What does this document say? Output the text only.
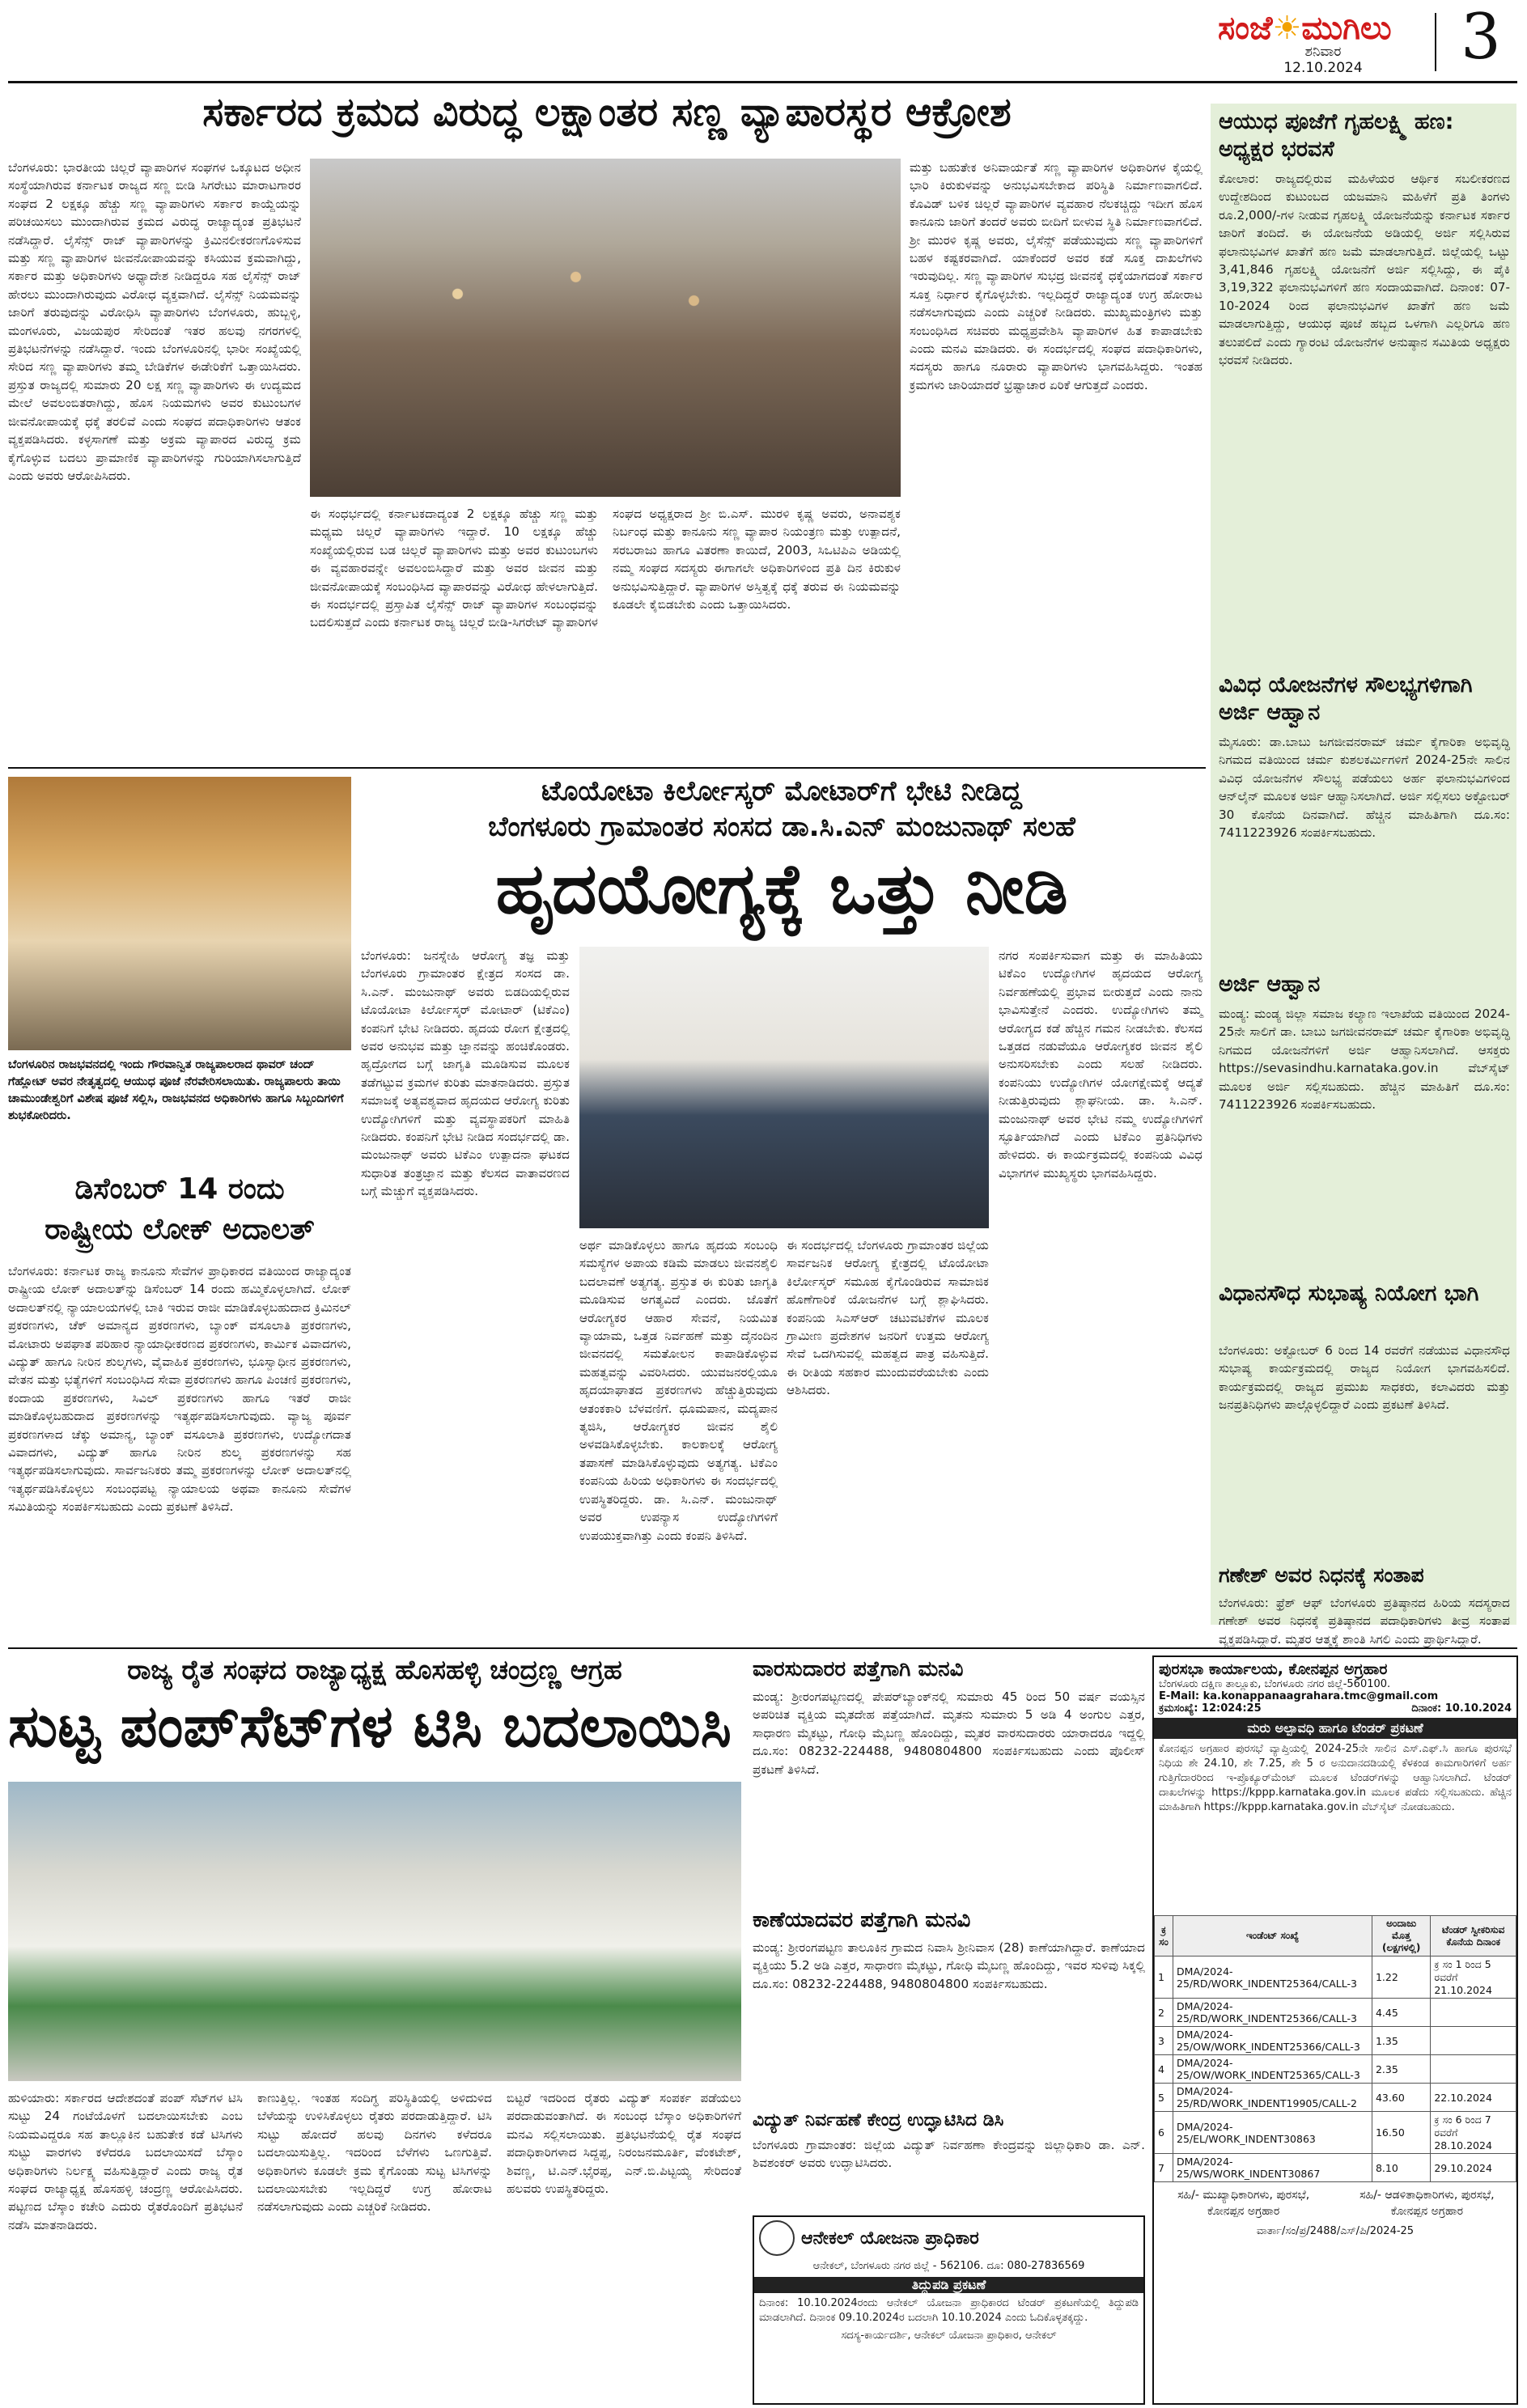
ಸಂಜೆ☀ಮುಗಿಲು
ಶನಿವಾರ
12.10.2024 3
ಸರ್ಕಾರದ ಕ್ರಮದ ವಿರುದ್ಧ ಲಕ್ಷಾಂತರ ಸಣ್ಣ ವ್ಯಾಪಾರಸ್ಥರ ಆಕ್ರೋಶ
ಬೆಂಗಳೂರು: ಭಾರತೀಯ ಚಿಲ್ಲರೆ ವ್ಯಾಪಾರಿಗಳ ಸಂಘಗಳ ಒಕ್ಕೂಟದ ಅಧೀನ ಸಂಸ್ಥೆಯಾಗಿರುವ ಕರ್ನಾಟಕ ರಾಜ್ಯದ ಸಣ್ಣ ಬೀಡಿ ಸಿಗರೇಟು ಮಾರಾಟಗಾರರ ಸಂಘದ 2 ಲಕ್ಷಕ್ಕೂ ಹೆಚ್ಚು ಸಣ್ಣ ವ್ಯಾಪಾರಿಗಳು ಸರ್ಕಾರ ಕಾಯ್ದೆಯನ್ನು ಪರಿಚಯಿಸಲು ಮುಂದಾಗಿರುವ ಕ್ರಮದ ವಿರುದ್ಧ ರಾಜ್ಯಾದ್ಯಂತ ಪ್ರತಿಭಟನೆ ನಡೆಸಿದ್ದಾರೆ. ಲೈಸೆನ್ಸ್ ರಾಜ್ ವ್ಯಾಪಾರಿಗಳನ್ನು ಕ್ರಿಮಿನಲೀಕರಣಗೊಳಿಸುವ ಮತ್ತು ಸಣ್ಣ ವ್ಯಾಪಾರಿಗಳ ಜೀವನೋಪಾಯವನ್ನು ಕಸಿಯುವ ಕ್ರಮವಾಗಿದ್ದು, ಸರ್ಕಾರ ಮತ್ತು ಅಧಿಕಾರಿಗಳು ಅಧ್ಯಾದೇಶ ನೀಡಿದ್ದರೂ ಸಹ ಲೈಸೆನ್ಸ್ ರಾಜ್ ಹೇರಲು ಮುಂದಾಗಿರುವುದು ವಿರೋಧ ವ್ಯಕ್ತವಾಗಿದೆ. ಲೈಸೆನ್ಸ್ ನಿಯಮವನ್ನು ಜಾರಿಗೆ ತರುವುದನ್ನು ವಿರೋಧಿಸಿ ವ್ಯಾಪಾರಿಗಳು ಬೆಂಗಳೂರು, ಹುಬ್ಬಳ್ಳಿ, ಮಂಗಳೂರು, ವಿಜಯಪುರ ಸೇರಿದಂತೆ ಇತರ ಹಲವು ನಗರಗಳಲ್ಲಿ ಪ್ರತಿಭಟನೆಗಳನ್ನು ನಡೆಸಿದ್ದಾರೆ. ಇಂದು ಬೆಂಗಳೂರಿನಲ್ಲಿ ಭಾರೀ ಸಂಖ್ಯೆಯಲ್ಲಿ ಸೇರಿದ ಸಣ್ಣ ವ್ಯಾಪಾರಿಗಳು ತಮ್ಮ ಬೇಡಿಕೆಗಳ ಈಡೇರಿಕೆಗೆ ಒತ್ತಾಯಿಸಿದರು. ಪ್ರಸ್ತುತ ರಾಜ್ಯದಲ್ಲಿ ಸುಮಾರು 20 ಲಕ್ಷ ಸಣ್ಣ ವ್ಯಾಪಾರಿಗಳು ಈ ಉದ್ಯಮದ ಮೇಲೆ ಅವಲಂಬಿತರಾಗಿದ್ದು, ಹೊಸ ನಿಯಮಗಳು ಅವರ ಕುಟುಂಬಗಳ ಜೀವನೋಪಾಯಕ್ಕೆ ಧಕ್ಕೆ ತರಲಿವೆ ಎಂದು ಸಂಘದ ಪದಾಧಿಕಾರಿಗಳು ಆತಂಕ ವ್ಯಕ್ತಪಡಿಸಿದರು. ಕಳ್ಳಸಾಗಣೆ ಮತ್ತು ಅಕ್ರಮ ವ್ಯಾಪಾರದ ವಿರುದ್ಧ ಕ್ರಮ ಕೈಗೊಳ್ಳುವ ಬದಲು ಪ್ರಾಮಾಣಿಕ ವ್ಯಾಪಾರಿಗಳನ್ನು ಗುರಿಯಾಗಿಸಲಾಗುತ್ತಿದೆ ಎಂದು ಅವರು ಆರೋಪಿಸಿದರು.
ಈ ಸಂಧರ್ಭದಲ್ಲಿ ಕರ್ನಾಟಕದಾದ್ಯಂತ 2 ಲಕ್ಷಕ್ಕೂ ಹೆಚ್ಚು ಸಣ್ಣ ಮತ್ತು ಮಧ್ಯಮ ಚಿಲ್ಲರೆ ವ್ಯಾಪಾರಿಗಳು ಇದ್ದಾರೆ. 10 ಲಕ್ಷಕ್ಕೂ ಹೆಚ್ಚು ಸಂಖ್ಯೆಯಲ್ಲಿರುವ ಬಡ ಚಿಲ್ಲರೆ ವ್ಯಾಪಾರಿಗಳು ಮತ್ತು ಅವರ ಕುಟುಂಬಗಳು ಈ ವ್ಯವಹಾರವನ್ನೇ ಅವಲಂಬಿಸಿದ್ದಾರೆ ಮತ್ತು ಅವರ ಜೀವನ ಮತ್ತು ಜೀವನೋಪಾಯಕ್ಕೆ ಸಂಬಂಧಿಸಿದ ವ್ಯಾಪಾರವನ್ನು ವಿರೋಧ ಹೇಳಲಾಗುತ್ತಿದೆ. ಈ ಸಂದರ್ಭದಲ್ಲಿ ಪ್ರಸ್ತಾಪಿತ ಲೈಸೆನ್ಸ್ ರಾಜ್ ವ್ಯಾಪಾರಿಗಳ ಸಂಬಂಧವನ್ನು ಬದಲಿಸುತ್ತದೆ ಎಂದು ಕರ್ನಾಟಕ ರಾಜ್ಯ ಚಿಲ್ಲರೆ ಬೀಡಿ-ಸಿಗರೇಟ್ ವ್ಯಾಪಾರಿಗಳ ಸಂಘದ ಅಧ್ಯಕ್ಷರಾದ ಶ್ರೀ ಬಿ.ಎಸ್. ಮುರಳಿ ಕೃಷ್ಣ ಅವರು, ಅನಾವಶ್ಯಕ ನಿರ್ಬಂಧ ಮತ್ತು ಕಾನೂನು ಸಣ್ಣ ವ್ಯಾಪಾರ ನಿಯಂತ್ರಣ ಮತ್ತು ಉತ್ಪಾದನೆ, ಸರಬರಾಜು ಹಾಗೂ ವಿತರಣಾ ಕಾಯಿದೆ, 2003, ಸಿಒಟಿಪಿಎ ಅಡಿಯಲ್ಲಿ ನಮ್ಮ ಸಂಘದ ಸದಸ್ಯರು ಈಗಾಗಲೇ ಅಧಿಕಾರಿಗಳಿಂದ ಪ್ರತಿ ದಿನ ಕಿರುಕುಳ ಅನುಭವಿಸುತ್ತಿದ್ದಾರೆ. ವ್ಯಾಪಾರಿಗಳ ಅಸ್ತಿತ್ವಕ್ಕೆ ಧಕ್ಕೆ ತರುವ ಈ ನಿಯಮವನ್ನು ಕೂಡಲೇ ಕೈಬಿಡಬೇಕು ಎಂದು ಒತ್ತಾಯಿಸಿದರು.
ಮತ್ತು ಬಹುತೇಕ ಅನಿವಾರ್ಯತೆ ಸಣ್ಣ ವ್ಯಾಪಾರಿಗಳ ಅಧಿಕಾರಿಗಳ ಕೈಯಲ್ಲಿ ಭಾರಿ ಕಿರುಕುಳವನ್ನು ಅನುಭವಿಸಬೇಕಾದ ಪರಿಸ್ಥಿತಿ ನಿರ್ಮಾಣವಾಗಲಿದೆ. ಕೊವಿಡ್ ಬಳಿಕ ಚಿಲ್ಲರೆ ವ್ಯಾಪಾರಿಗಳ ವ್ಯವಹಾರ ನೆಲಕಚ್ಚಿದ್ದು ಇದೀಗ ಹೊಸ ಕಾನೂನು ಜಾರಿಗೆ ತಂದರೆ ಅವರು ಬೀದಿಗೆ ಬೀಳುವ ಸ್ಥಿತಿ ನಿರ್ಮಾಣವಾಗಲಿದೆ. ಶ್ರೀ ಮುರಳಿ ಕೃಷ್ಣ ಅವರು, ಲೈಸೆನ್ಸ್ ಪಡೆಯುವುದು ಸಣ್ಣ ವ್ಯಾಪಾರಿಗಳಿಗೆ ಬಹಳ ಕಷ್ಟಕರವಾಗಿದೆ. ಯಾಕೆಂದರೆ ಅವರ ಕಡೆ ಸೂಕ್ತ ದಾಖಲೆಗಳು ಇರುವುದಿಲ್ಲ. ಸಣ್ಣ ವ್ಯಾಪಾರಿಗಳ ಸುಭದ್ರ ಜೀವನಕ್ಕೆ ಧಕ್ಕೆಯಾಗದಂತೆ ಸರ್ಕಾರ ಸೂಕ್ತ ನಿರ್ಧಾರ ಕೈಗೊಳ್ಳಬೇಕು. ಇಲ್ಲದಿದ್ದರೆ ರಾಜ್ಯಾದ್ಯಂತ ಉಗ್ರ ಹೋರಾಟ ನಡೆಸಲಾಗುವುದು ಎಂದು ಎಚ್ಚರಿಕೆ ನೀಡಿದರು. ಮುಖ್ಯಮಂತ್ರಿಗಳು ಮತ್ತು ಸಂಬಂಧಿಸಿದ ಸಚಿವರು ಮಧ್ಯಪ್ರವೇಶಿಸಿ ವ್ಯಾಪಾರಿಗಳ ಹಿತ ಕಾಪಾಡಬೇಕು ಎಂದು ಮನವಿ ಮಾಡಿದರು. ಈ ಸಂದರ್ಭದಲ್ಲಿ ಸಂಘದ ಪದಾಧಿಕಾರಿಗಳು, ಸದಸ್ಯರು ಹಾಗೂ ನೂರಾರು ವ್ಯಾಪಾರಿಗಳು ಭಾಗವಹಿಸಿದ್ದರು. ಇಂತಹ ಕ್ರಮಗಳು ಜಾರಿಯಾದರೆ ಭ್ರಷ್ಟಾಚಾರ ಏರಿಕೆ ಆಗುತ್ತದೆ ಎಂದರು.
ಬೆಂಗಳೂರಿನ ರಾಜಭವನದಲ್ಲಿ ಇಂದು ಗೌರವಾನ್ವಿತ ರಾಜ್ಯಪಾಲರಾದ ಥಾವರ್ ಚಂದ್ ಗೆಹ್ಲೋಟ್ ಅವರ ನೇತೃತ್ವದಲ್ಲಿ ಆಯುಧ ಪೂಜೆ ನೆರವೇರಿಸಲಾಯಿತು. ರಾಜ್ಯಪಾಲರು ತಾಯಿ ಚಾಮುಂಡೇಶ್ವರಿಗೆ ವಿಶೇಷ ಪೂಜೆ ಸಲ್ಲಿಸಿ, ರಾಜಭವನದ ಅಧಿಕಾರಿಗಳು ಹಾಗೂ ಸಿಬ್ಬಂದಿಗಳಿಗೆ ಶುಭಕೋರಿದರು.
ಡಿಸೆಂಬರ್ 14 ರಂದು
ರಾಷ್ಟ್ರೀಯ ಲೋಕ್ ಅದಾಲತ್
ಬೆಂಗಳೂರು: ಕರ್ನಾಟಕ ರಾಜ್ಯ ಕಾನೂನು ಸೇವೆಗಳ ಪ್ರಾಧಿಕಾರದ ವತಿಯಿಂದ ರಾಜ್ಯಾದ್ಯಂತ ರಾಷ್ಟ್ರೀಯ ಲೋಕ್ ಅದಾಲತ್‌ನ್ನು ಡಿಸೆಂಬರ್ 14 ರಂದು ಹಮ್ಮಿಕೊಳ್ಳಲಾಗಿದೆ. ಲೋಕ್ ಅದಾಲತ್‌ನಲ್ಲಿ ನ್ಯಾಯಾಲಯಗಳಲ್ಲಿ ಬಾಕಿ ಇರುವ ರಾಜೀ ಮಾಡಿಕೊಳ್ಳಬಹುದಾದ ಕ್ರಿಮಿನಲ್ ಪ್ರಕರಣಗಳು, ಚೆಕ್ ಅಮಾನ್ಯದ ಪ್ರಕರಣಗಳು, ಬ್ಯಾಂಕ್ ವಸೂಲಾತಿ ಪ್ರಕರಣಗಳು, ಮೋಟಾರು ಅಪಘಾತ ಪರಿಹಾರ ನ್ಯಾಯಾಧೀಕರಣದ ಪ್ರಕರಣಗಳು, ಕಾರ್ಮಿಕ ವಿವಾದಗಳು, ವಿದ್ಯುತ್ ಹಾಗೂ ನೀರಿನ ಶುಲ್ಕಗಳು, ವೈವಾಹಿಕ ಪ್ರಕರಣಗಳು, ಭೂಸ್ವಾಧೀನ ಪ್ರಕರಣಗಳು, ವೇತನ ಮತ್ತು ಭತ್ಯೆಗಳಿಗೆ ಸಂಬಂಧಿಸಿದ ಸೇವಾ ಪ್ರಕರಣಗಳು ಹಾಗೂ ಪಿಂಚಣಿ ಪ್ರಕರಣಗಳು, ಕಂದಾಯ ಪ್ರಕರಣಗಳು, ಸಿವಿಲ್ ಪ್ರಕರಣಗಳು ಹಾಗೂ ಇತರೆ ರಾಜೀ ಮಾಡಿಕೊಳ್ಳಬಹುದಾದ ಪ್ರಕರಣಗಳನ್ನು ಇತ್ಯರ್ಥಪಡಿಸಲಾಗುವುದು. ವ್ಯಾಜ್ಯ ಪೂರ್ವ ಪ್ರಕರಣಗಳಾದ ಚೆಕ್ಕು ಅಮಾನ್ಯ, ಬ್ಯಾಂಕ್ ವಸೂಲಾತಿ ಪ್ರಕರಣಗಳು, ಉದ್ಯೋಗದಾತ ವಿವಾದಗಳು, ವಿದ್ಯುತ್ ಹಾಗೂ ನೀರಿನ ಶುಲ್ಕ ಪ್ರಕರಣಗಳನ್ನು ಸಹ ಇತ್ಯರ್ಥಪಡಿಸಲಾಗುವುದು. ಸಾರ್ವಜನಿಕರು ತಮ್ಮ ಪ್ರಕರಣಗಳನ್ನು ಲೋಕ್ ಅದಾಲತ್‌ನಲ್ಲಿ ಇತ್ಯರ್ಥಪಡಿಸಿಕೊಳ್ಳಲು ಸಂಬಂಧಪಟ್ಟ ನ್ಯಾಯಾಲಯ ಅಥವಾ ಕಾನೂನು ಸೇವೆಗಳ ಸಮಿತಿಯನ್ನು ಸಂಪರ್ಕಿಸಬಹುದು ಎಂದು ಪ್ರಕಟಣೆ ತಿಳಿಸಿದೆ.
ಟೊಯೋಟಾ ಕಿರ್ಲೋಸ್ಕರ್ ಮೋಟಾರ್‌ಗೆ ಭೇಟಿ ನೀಡಿದ್ದ
ಬೆಂಗಳೂರು ಗ್ರಾಮಾಂತರ ಸಂಸದ ಡಾ.ಸಿ.ಎನ್ ಮಂಜುನಾಥ್ ಸಲಹೆ
ಹೃದಯೋಗ್ಯಕ್ಕೆ ಒತ್ತು ನೀಡಿ
ಬೆಂಗಳೂರು: ಜನಸ್ನೇಹಿ ಆರೋಗ್ಯ ತಜ್ಞ ಮತ್ತು ಬೆಂಗಳೂರು ಗ್ರಾಮಾಂತರ ಕ್ಷೇತ್ರದ ಸಂಸದ ಡಾ. ಸಿ.ಎನ್. ಮಂಜುನಾಥ್ ಅವರು ಬಿಡದಿಯಲ್ಲಿರುವ ಟೊಯೋಟಾ ಕಿರ್ಲೋಸ್ಕರ್ ಮೋಟಾರ್ (ಟಿಕೆಎಂ) ಕಂಪನಿಗೆ ಭೇಟಿ ನೀಡಿದರು. ಹೃದಯ ರೋಗ ಕ್ಷೇತ್ರದಲ್ಲಿ ಅವರ ಅನುಭವ ಮತ್ತು ಜ್ಞಾನವನ್ನು ಹಂಚಿಕೊಂಡರು. ಹೃದ್ರೋಗದ ಬಗ್ಗೆ ಜಾಗೃತಿ ಮೂಡಿಸುವ ಮೂಲಕ ತಡೆಗಟ್ಟುವ ಕ್ರಮಗಳ ಕುರಿತು ಮಾತನಾಡಿದರು. ಪ್ರಸ್ತುತ ಸಮಾಜಕ್ಕೆ ಅತ್ಯವಶ್ಯವಾದ ಹೃದಯದ ಆರೋಗ್ಯ ಕುರಿತು ಉದ್ಯೋಗಿಗಳಿಗೆ ಮತ್ತು ವ್ಯವಸ್ಥಾಪಕರಿಗೆ ಮಾಹಿತಿ ನೀಡಿದರು. ಕಂಪನಿಗೆ ಭೇಟಿ ನೀಡಿದ ಸಂದರ್ಭದಲ್ಲಿ ಡಾ. ಮಂಜುನಾಥ್ ಅವರು ಟಿಕೆಎಂ ಉತ್ಪಾದನಾ ಘಟಕದ ಸುಧಾರಿತ ತಂತ್ರಜ್ಞಾನ ಮತ್ತು ಕೆಲಸದ ವಾತಾವರಣದ ಬಗ್ಗೆ ಮೆಚ್ಚುಗೆ ವ್ಯಕ್ತಪಡಿಸಿದರು.
ಅರ್ಥ ಮಾಡಿಕೊಳ್ಳಲು ಹಾಗೂ ಹೃದಯ ಸಂಬಂಧಿ ಸಮಸ್ಯೆಗಳ ಅಪಾಯ ಕಡಿಮೆ ಮಾಡಲು ಜೀವನಶೈಲಿ ಬದಲಾವಣೆ ಅತ್ಯಗತ್ಯ. ಪ್ರಸ್ತುತ ಈ ಕುರಿತು ಜಾಗೃತಿ ಮೂಡಿಸುವ ಅಗತ್ಯವಿದೆ ಎಂದರು. ಜೊತೆಗೆ ಆರೋಗ್ಯಕರ ಆಹಾರ ಸೇವನೆ, ನಿಯಮಿತ ವ್ಯಾಯಾಮ, ಒತ್ತಡ ನಿರ್ವಹಣೆ ಮತ್ತು ದೈನಂದಿನ ಜೀವನದಲ್ಲಿ ಸಮತೋಲನ ಕಾಪಾಡಿಕೊಳ್ಳುವ ಮಹತ್ವವನ್ನು ವಿವರಿಸಿದರು. ಯುವಜನರಲ್ಲಿಯೂ ಹೃದಯಾಘಾತದ ಪ್ರಕರಣಗಳು ಹೆಚ್ಚುತ್ತಿರುವುದು ಆತಂಕಕಾರಿ ಬೆಳವಣಿಗೆ. ಧೂಮಪಾನ, ಮದ್ಯಪಾನ ತ್ಯಜಿಸಿ, ಆರೋಗ್ಯಕರ ಜೀವನ ಶೈಲಿ ಅಳವಡಿಸಿಕೊಳ್ಳಬೇಕು. ಕಾಲಕಾಲಕ್ಕೆ ಆರೋಗ್ಯ ತಪಾಸಣೆ ಮಾಡಿಸಿಕೊಳ್ಳುವುದು ಅತ್ಯಗತ್ಯ. ಟಿಕೆಎಂ ಕಂಪನಿಯ ಹಿರಿಯ ಅಧಿಕಾರಿಗಳು ಈ ಸಂದರ್ಭದಲ್ಲಿ ಉಪಸ್ಥಿತರಿದ್ದರು. ಡಾ. ಸಿ.ಎನ್. ಮಂಜುನಾಥ್ ಅವರ ಉಪನ್ಯಾಸ ಉದ್ಯೋಗಿಗಳಿಗೆ ಉಪಯುಕ್ತವಾಗಿತ್ತು ಎಂದು ಕಂಪನಿ ತಿಳಿಸಿದೆ.
ಈ ಸಂದರ್ಭದಲ್ಲಿ ಬೆಂಗಳೂರು ಗ್ರಾಮಾಂತರ ಜಿಲ್ಲೆಯ ಸಾರ್ವಜನಿಕ ಆರೋಗ್ಯ ಕ್ಷೇತ್ರದಲ್ಲಿ ಟೊಯೋಟಾ ಕಿರ್ಲೋಸ್ಕರ್ ಸಮೂಹ ಕೈಗೊಂಡಿರುವ ಸಾಮಾಜಿಕ ಹೊಣೆಗಾರಿಕೆ ಯೋಜನೆಗಳ ಬಗ್ಗೆ ಶ್ಲಾಘಿಸಿದರು. ಕಂಪನಿಯ ಸಿಎಸ್‌ಆರ್ ಚಟುವಟಿಕೆಗಳ ಮೂಲಕ ಗ್ರಾಮೀಣ ಪ್ರದೇಶಗಳ ಜನರಿಗೆ ಉತ್ತಮ ಆರೋಗ್ಯ ಸೇವೆ ಒದಗಿಸುವಲ್ಲಿ ಮಹತ್ವದ ಪಾತ್ರ ವಹಿಸುತ್ತಿದೆ. ಈ ರೀತಿಯ ಸಹಕಾರ ಮುಂದುವರೆಯಬೇಕು ಎಂದು ಆಶಿಸಿದರು.
ನಗರ ಸಂಪರ್ಕಿಸುವಾಗ ಮತ್ತು ಈ ಮಾಹಿತಿಯು ಟಿಕೆಎಂ ಉದ್ಯೋಗಿಗಳ ಹೃದಯದ ಆರೋಗ್ಯ ನಿರ್ವಹಣೆಯಲ್ಲಿ ಪ್ರಭಾವ ಬೀರುತ್ತದೆ ಎಂದು ನಾನು ಭಾವಿಸುತ್ತೇನೆ ಎಂದರು. ಉದ್ಯೋಗಿಗಳು ತಮ್ಮ ಆರೋಗ್ಯದ ಕಡೆ ಹೆಚ್ಚಿನ ಗಮನ ನೀಡಬೇಕು. ಕೆಲಸದ ಒತ್ತಡದ ನಡುವೆಯೂ ಆರೋಗ್ಯಕರ ಜೀವನ ಶೈಲಿ ಅನುಸರಿಸಬೇಕು ಎಂದು ಸಲಹೆ ನೀಡಿದರು. ಕಂಪನಿಯು ಉದ್ಯೋಗಿಗಳ ಯೋಗಕ್ಷೇಮಕ್ಕೆ ಆದ್ಯತೆ ನೀಡುತ್ತಿರುವುದು ಶ್ಲಾಘನೀಯ. ಡಾ. ಸಿ.ಎನ್. ಮಂಜುನಾಥ್ ಅವರ ಭೇಟಿ ನಮ್ಮ ಉದ್ಯೋಗಿಗಳಿಗೆ ಸ್ಫೂರ್ತಿಯಾಗಿದೆ ಎಂದು ಟಿಕೆಎಂ ಪ್ರತಿನಿಧಿಗಳು ಹೇಳಿದರು. ಈ ಕಾರ್ಯಕ್ರಮದಲ್ಲಿ ಕಂಪನಿಯ ವಿವಿಧ ವಿಭಾಗಗಳ ಮುಖ್ಯಸ್ಥರು ಭಾಗವಹಿಸಿದ್ದರು.
ಆಯುಧ ಪೂಜೆಗೆ ಗೃಹಲಕ್ಷ್ಮಿ ಹಣ: ಅಧ್ಯಕ್ಷರ ಭರವಸೆ
ಕೋಲಾರ: ರಾಜ್ಯದಲ್ಲಿರುವ ಮಹಿಳೆಯರ ಆರ್ಥಿಕ ಸಬಲೀಕರಣದ ಉದ್ದೇಶದಿಂದ ಕುಟುಂಬದ ಯಜಮಾನಿ ಮಹಿಳೆಗೆ ಪ್ರತಿ ತಿಂಗಳು ರೂ.2,000/-ಗಳ ನೀಡುವ ಗೃಹಲಕ್ಷ್ಮಿ ಯೋಜನೆಯನ್ನು ಕರ್ನಾಟಕ ಸರ್ಕಾರ ಜಾರಿಗೆ ತಂದಿದೆ. ಈ ಯೋಜನೆಯ ಅಡಿಯಲ್ಲಿ ಅರ್ಜಿ ಸಲ್ಲಿಸಿರುವ ಫಲಾನುಭವಿಗಳ ಖಾತೆಗೆ ಹಣ ಜಮೆ ಮಾಡಲಾಗುತ್ತಿದೆ. ಜಿಲ್ಲೆಯಲ್ಲಿ ಒಟ್ಟು 3,41,846 ಗೃಹಲಕ್ಷ್ಮಿ ಯೋಜನೆಗೆ ಅರ್ಜಿ ಸಲ್ಲಿಸಿದ್ದು, ಈ ಪೈಕಿ 3,19,322 ಫಲಾನುಭವಿಗಳಿಗೆ ಹಣ ಸಂದಾಯವಾಗಿದೆ. ದಿನಾಂಕ: 07-10-2024 ರಿಂದ ಫಲಾನುಭವಿಗಳ ಖಾತೆಗೆ ಹಣ ಜಮೆ ಮಾಡಲಾಗುತ್ತಿದ್ದು, ಆಯುಧ ಪೂಜೆ ಹಬ್ಬದ ಒಳಗಾಗಿ ಎಲ್ಲರಿಗೂ ಹಣ ತಲುಪಲಿದೆ ಎಂದು ಗ್ಯಾರಂಟಿ ಯೋಜನೆಗಳ ಅನುಷ್ಠಾನ ಸಮಿತಿಯ ಅಧ್ಯಕ್ಷರು ಭರವಸೆ ನೀಡಿದರು.
ವಿವಿಧ ಯೋಜನೆಗಳ ಸೌಲಭ್ಯಗಳಿಗಾಗಿ ಅರ್ಜಿ ಆಹ್ವಾನ
ಮೈಸೂರು: ಡಾ.ಬಾಬು ಜಗಜೀವನರಾಮ್ ಚರ್ಮ ಕೈಗಾರಿಕಾ ಅಭಿವೃದ್ಧಿ ನಿಗಮದ ವತಿಯಿಂದ ಚರ್ಮ ಕುಶಲಕರ್ಮಿಗಳಿಗೆ 2024-25ನೇ ಸಾಲಿನ ವಿವಿಧ ಯೋಜನೆಗಳ ಸೌಲಭ್ಯ ಪಡೆಯಲು ಅರ್ಹ ಫಲಾನುಭವಿಗಳಿಂದ ಆನ್‌ಲೈನ್ ಮೂಲಕ ಅರ್ಜಿ ಆಹ್ವಾನಿಸಲಾಗಿದೆ. ಅರ್ಜಿ ಸಲ್ಲಿಸಲು ಅಕ್ಟೋಬರ್ 30 ಕೊನೆಯ ದಿನವಾಗಿದೆ. ಹೆಚ್ಚಿನ ಮಾಹಿತಿಗಾಗಿ ದೂ.ಸಂ: 7411223926 ಸಂಪರ್ಕಿಸಬಹುದು.
ಅರ್ಜಿ ಆಹ್ವಾನ
ಮಂಡ್ಯ: ಮಂಡ್ಯ ಜಿಲ್ಲಾ ಸಮಾಜ ಕಲ್ಯಾಣ ಇಲಾಖೆಯ ವತಿಯಿಂದ 2024-25ನೇ ಸಾಲಿಗೆ ಡಾ. ಬಾಬು ಜಗಜೀವನರಾಮ್ ಚರ್ಮ ಕೈಗಾರಿಕಾ ಅಭಿವೃದ್ಧಿ ನಿಗಮದ ಯೋಜನೆಗಳಿಗೆ ಅರ್ಜಿ ಆಹ್ವಾನಿಸಲಾಗಿದೆ. ಆಸಕ್ತರು https://sevasindhu.karnataka.gov.in ವೆಬ್‌ಸೈಟ್ ಮೂಲಕ ಅರ್ಜಿ ಸಲ್ಲಿಸಬಹುದು. ಹೆಚ್ಚಿನ ಮಾಹಿತಿಗೆ ದೂ.ಸಂ: 7411223926 ಸಂಪರ್ಕಿಸಬಹುದು.
ವಿಧಾನಸೌಧ ಸುಭಾಷ್ಯ ನಿಯೋಗ ಭಾಗಿ
ಬೆಂಗಳೂರು: ಅಕ್ಟೋಬರ್ 6 ರಿಂದ 14 ರವರೆಗೆ ನಡೆಯುವ ವಿಧಾನಸೌಧ ಸುಭಾಷ್ಯ ಕಾರ್ಯಕ್ರಮದಲ್ಲಿ ರಾಜ್ಯದ ನಿಯೋಗ ಭಾಗವಹಿಸಲಿದೆ. ಕಾರ್ಯಕ್ರಮದಲ್ಲಿ ರಾಜ್ಯದ ಪ್ರಮುಖ ಸಾಧಕರು, ಕಲಾವಿದರು ಮತ್ತು ಜನಪ್ರತಿನಿಧಿಗಳು ಪಾಲ್ಗೊಳ್ಳಲಿದ್ದಾರೆ ಎಂದು ಪ್ರಕಟಣೆ ತಿಳಿಸಿದೆ.
ಗಣೇಶ್ ಅವರ ನಿಧನಕ್ಕೆ ಸಂತಾಪ
ಬೆಂಗಳೂರು: ಫ್ರೆಶ್ ಆಫ್ ಬೆಂಗಳೂರು ಪ್ರತಿಷ್ಠಾನದ ಹಿರಿಯ ಸದಸ್ಯರಾದ ಗಣೇಶ್ ಅವರ ನಿಧನಕ್ಕೆ ಪ್ರತಿಷ್ಠಾನದ ಪದಾಧಿಕಾರಿಗಳು ತೀವ್ರ ಸಂತಾಪ ವ್ಯಕ್ತಪಡಿಸಿದ್ದಾರೆ. ಮೃತರ ಆತ್ಮಕ್ಕೆ ಶಾಂತಿ ಸಿಗಲಿ ಎಂದು ಪ್ರಾರ್ಥಿಸಿದ್ದಾರೆ.
ರಾಜ್ಯ ರೈತ ಸಂಘದ ರಾಜ್ಯಾಧ್ಯಕ್ಷ ಹೊಸಹಳ್ಳಿ ಚಂದ್ರಣ್ಣ ಆಗ್ರಹ
ಸುಟ್ಟ ಪಂಪ್‌ಸೆಟ್‌ಗಳ ಟಿಸಿ ಬದಲಾಯಿಸಿ
ಹುಳಿಯಾರು: ಸರ್ಕಾರದ ಆದೇಶದಂತೆ ಪಂಪ್ ಸೆಟ್‌ಗಳ ಟಿಸಿ ಸುಟ್ಟು 24 ಗಂಟೆಯೊಳಗೆ ಬದಲಾಯಿಸಬೇಕು ಎಂಬ ನಿಯಮವಿದ್ದರೂ ಸಹ ತಾಲ್ಲೂಕಿನ ಬಹುತೇಕ ಕಡೆ ಟಿಸಿಗಳು ಸುಟ್ಟು ವಾರಗಳು ಕಳೆದರೂ ಬದಲಾಯಿಸದೆ ಬೆಸ್ಕಾಂ ಅಧಿಕಾರಿಗಳು ನಿರ್ಲಕ್ಷ್ಯ ವಹಿಸುತ್ತಿದ್ದಾರೆ ಎಂದು ರಾಜ್ಯ ರೈತ ಸಂಘದ ರಾಜ್ಯಾಧ್ಯಕ್ಷ ಹೊಸಹಳ್ಳಿ ಚಂದ್ರಣ್ಣ ಆರೋಪಿಸಿದರು. ಪಟ್ಟಣದ ಬೆಸ್ಕಾಂ ಕಚೇರಿ ಎದುರು ರೈತರೊಂದಿಗೆ ಪ್ರತಿಭಟನೆ ನಡೆಸಿ ಮಾತನಾಡಿದರು.
ಕಾಣುತ್ತಿಲ್ಲ. ಇಂತಹ ಸಂದಿಗ್ಧ ಪರಿಸ್ಥಿತಿಯಲ್ಲಿ ಅಳಿದುಳಿದ ಬೆಳೆಯನ್ನು ಉಳಿಸಿಕೊಳ್ಳಲು ರೈತರು ಪರದಾಡುತ್ತಿದ್ದಾರೆ. ಟಿಸಿ ಸುಟ್ಟು ಹೋದರೆ ಹಲವು ದಿನಗಳು ಕಳೆದರೂ ಬದಲಾಯಿಸುತ್ತಿಲ್ಲ. ಇದರಿಂದ ಬೆಳೆಗಳು ಒಣಗುತ್ತಿವೆ. ಅಧಿಕಾರಿಗಳು ಕೂಡಲೇ ಕ್ರಮ ಕೈಗೊಂಡು ಸುಟ್ಟ ಟಿಸಿಗಳನ್ನು ಬದಲಾಯಿಸಬೇಕು ಇಲ್ಲದಿದ್ದರೆ ಉಗ್ರ ಹೋರಾಟ ನಡೆಸಲಾಗುವುದು ಎಂದು ಎಚ್ಚರಿಕೆ ನೀಡಿದರು.
ಬಿಟ್ಟರೆ ಇದರಿಂದ ರೈತರು ವಿದ್ಯುತ್ ಸಂಪರ್ಕ ಪಡೆಯಲು ಪರದಾಡುವಂತಾಗಿದೆ. ಈ ಸಂಬಂಧ ಬೆಸ್ಕಾಂ ಅಧಿಕಾರಿಗಳಿಗೆ ಮನವಿ ಸಲ್ಲಿಸಲಾಯಿತು. ಪ್ರತಿಭಟನೆಯಲ್ಲಿ ರೈತ ಸಂಘದ ಪದಾಧಿಕಾರಿಗಳಾದ ಸಿದ್ದಪ್ಪ, ನಿರಂಜನಮೂರ್ತಿ, ವೆಂಕಟೇಶ್, ಶಿವಣ್ಣ, ಟಿ.ಎನ್.ಭೈರಪ್ಪ, ಎನ್.ಬಿ.ಪಿಟ್ಟಯ್ಯ ಸೇರಿದಂತೆ ಹಲವರು ಉಪಸ್ಥಿತರಿದ್ದರು.
ವಾರಸುದಾರರ ಪತ್ತೆಗಾಗಿ ಮನವಿ
ಮಂಡ್ಯ: ಶ್ರೀರಂಗಪಟ್ಟಣದಲ್ಲಿ ಪೇಪರ್‌ಬ್ಯಾಂಕ್‌ನಲ್ಲಿ ಸುಮಾರು 45 ರಿಂದ 50 ವರ್ಷ ವಯಸ್ಸಿನ ಅಪರಿಚಿತ ವ್ಯಕ್ತಿಯ ಮೃತದೇಹ ಪತ್ತೆಯಾಗಿದೆ. ಮೃತನು ಸುಮಾರು 5 ಅಡಿ 4 ಅಂಗುಲ ಎತ್ತರ, ಸಾಧಾರಣ ಮೈಕಟ್ಟು, ಗೋಧಿ ಮೈಬಣ್ಣ ಹೊಂದಿದ್ದು, ಮೃತರ ವಾರಸುದಾರರು ಯಾರಾದರೂ ಇದ್ದಲ್ಲಿ ದೂ.ಸಂ: 08232-224488, 9480804800 ಸಂಪರ್ಕಿಸಬಹುದು ಎಂದು ಪೊಲೀಸ್ ಪ್ರಕಟಣೆ ತಿಳಿಸಿದೆ.
ಕಾಣೆಯಾದವರ ಪತ್ತೆಗಾಗಿ ಮನವಿ
ಮಂಡ್ಯ: ಶ್ರೀರಂಗಪಟ್ಟಣ ತಾಲೂಕಿನ ಗ್ರಾಮದ ನಿವಾಸಿ ಶ್ರೀನಿವಾಸ (28) ಕಾಣೆಯಾಗಿದ್ದಾರೆ. ಕಾಣೆಯಾದ ವ್ಯಕ್ತಿಯು 5.2 ಅಡಿ ಎತ್ತರ, ಸಾಧಾರಣ ಮೈಕಟ್ಟು, ಗೋಧಿ ಮೈಬಣ್ಣ ಹೊಂದಿದ್ದು, ಇವರ ಸುಳಿವು ಸಿಕ್ಕಲ್ಲಿ ದೂ.ಸಂ: 08232-224488, 9480804800 ಸಂಪರ್ಕಿಸಬಹುದು.
ವಿದ್ಯುತ್ ನಿರ್ವಹಣೆ ಕೇಂದ್ರ ಉದ್ಘಾಟಿಸಿದ ಡಿಸಿ
ಬೆಂಗಳೂರು ಗ್ರಾಮಾಂತರ: ಜಿಲ್ಲೆಯ ವಿದ್ಯುತ್ ನಿರ್ವಹಣಾ ಕೇಂದ್ರವನ್ನು ಜಿಲ್ಲಾಧಿಕಾರಿ ಡಾ. ಎನ್. ಶಿವಶಂಕರ್ ಅವರು ಉದ್ಘಾಟಿಸಿದರು.
ಆನೇಕಲ್ ಯೋಜನಾ ಪ್ರಾಧಿಕಾರ
ಆನೇಕಲ್, ಬೆಂಗಳೂರು ನಗರ ಜಿಲ್ಲೆ - 562106. ದೂ: 080-27836569
ತಿದ್ದುಪಡಿ ಪ್ರಕಟಣೆ
ದಿನಾಂಕ: 10.10.2024ರಂದು ಆನೇಕಲ್ ಯೋಜನಾ ಪ್ರಾಧಿಕಾರದ ಟೆಂಡರ್ ಪ್ರಕಟಣೆಯಲ್ಲಿ ತಿದ್ದುಪಡಿ ಮಾಡಲಾಗಿದೆ. ದಿನಾಂಕ 09.10.2024ರ ಬದಲಾಗಿ 10.10.2024 ಎಂದು ಓದಿಕೊಳ್ಳತಕ್ಕದ್ದು.
ಸದಸ್ಯ-ಕಾರ್ಯದರ್ಶಿ, ಆನೇಕಲ್ ಯೋಜನಾ ಪ್ರಾಧಿಕಾರ, ಆನೇಕಲ್
ಪುರಸಭಾ ಕಾರ್ಯಾಲಯ, ಕೋನಪ್ಪನ ಅಗ್ರಹಾರ
ಬೆಂಗಳೂರು ದಕ್ಷಿಣ ತಾಲ್ಲೂಕು, ಬೆಂಗಳೂರು ನಗರ ಜಿಲ್ಲೆ-560100.
E-Mail: ka.konappanaagrahara.tmc@gmail.com
ಕ್ರಮಸಂಖ್ಯೆ: 12:024:25	ದಿನಾಂಕ: 10.10.2024
ಮರು ಅಲ್ಪಾವಧಿ ಹಾಗೂ ಟೆಂಡರ್ ಪ್ರಕಟಣೆ
ಕೋನಪ್ಪನ ಅಗ್ರಹಾರ ಪುರಸಭೆ ವ್ಯಾಪ್ತಿಯಲ್ಲಿ 2024-25ನೇ ಸಾಲಿನ ಎಸ್.ಎಫ್.ಸಿ ಹಾಗೂ ಪುರಸಭೆ ನಿಧಿಯ ಶೇ 24.10, ಶೇ 7.25, ಶೇ 5 ರ ಅನುದಾನದಡಿಯಲ್ಲಿ ಕೆಳಕಂಡ ಕಾಮಗಾರಿಗಳಿಗೆ ಅರ್ಹ ಗುತ್ತಿಗೆದಾರರಿಂದ ಇ-ಪ್ರೊಕ್ಯೂರ್‌ಮೆಂಟ್ ಮೂಲಕ ಟೆಂಡರ್‌ಗಳನ್ನು ಆಹ್ವಾನಿಸಲಾಗಿದೆ. ಟೆಂಡರ್ ದಾಖಲೆಗಳನ್ನು https://kppp.karnataka.gov.in ಮೂಲಕ ಪಡೆದು ಸಲ್ಲಿಸಬಹುದು. ಹೆಚ್ಚಿನ ಮಾಹಿತಿಗಾಗಿ https://kppp.karnataka.gov.in ವೆಬ್‌ಸೈಟ್ ನೋಡಬಹುದು.
ಕ್ರ ಸಂ	ಇಂಡೆಂಟ್ ಸಂಖ್ಯೆ	ಅಂದಾಜು ಮೊತ್ತ (ಲಕ್ಷಗಳಲ್ಲಿ)	ಟೆಂಡರ್ ಸ್ವೀಕರಿಸುವ ಕೊನೆಯ ದಿನಾಂಕ
1	DMA/2024-25/RD/WORK_INDENT25364/CALL-3	1.22	ಕ್ರ ಸಂ 1 ರಿಂದ 5 ರವರೆಗೆ 21.10.2024
2	DMA/2024-25/RD/WORK_INDENT25366/CALL-3	4.45	
3	DMA/2024-25/OW/WORK_INDENT25366/CALL-3	1.35	
4	DMA/2024-25/OW/WORK_INDENT25365/CALL-3	2.35	
5	DMA/2024-25/RD/WORK_INDENT19905/CALL-2	43.60	22.10.2024
6	DMA/2024-25/EL/WORK_INDENT30863	16.50	ಕ್ರ ಸಂ 6 ರಿಂದ 7 ರವರೆಗೆ 28.10.2024
7	DMA/2024-25/WS/WORK_INDENT30867	8.10	29.10.2024
ಸಹಿ/- ಮುಖ್ಯಾಧಿಕಾರಿಗಳು, ಪುರಸಭೆ, ಕೋನಪ್ಪನ ಅಗ್ರಹಾರ
ಸಹಿ/- ಆಡಳಿತಾಧಿಕಾರಿಗಳು, ಪುರಸಭೆ, ಕೋನಪ್ಪನ ಅಗ್ರಹಾರ
ವಾರ್ತಾ/ಸಂ/ಪ್ರ/2488/ಎಸ್/ಪಿ/2024-25
